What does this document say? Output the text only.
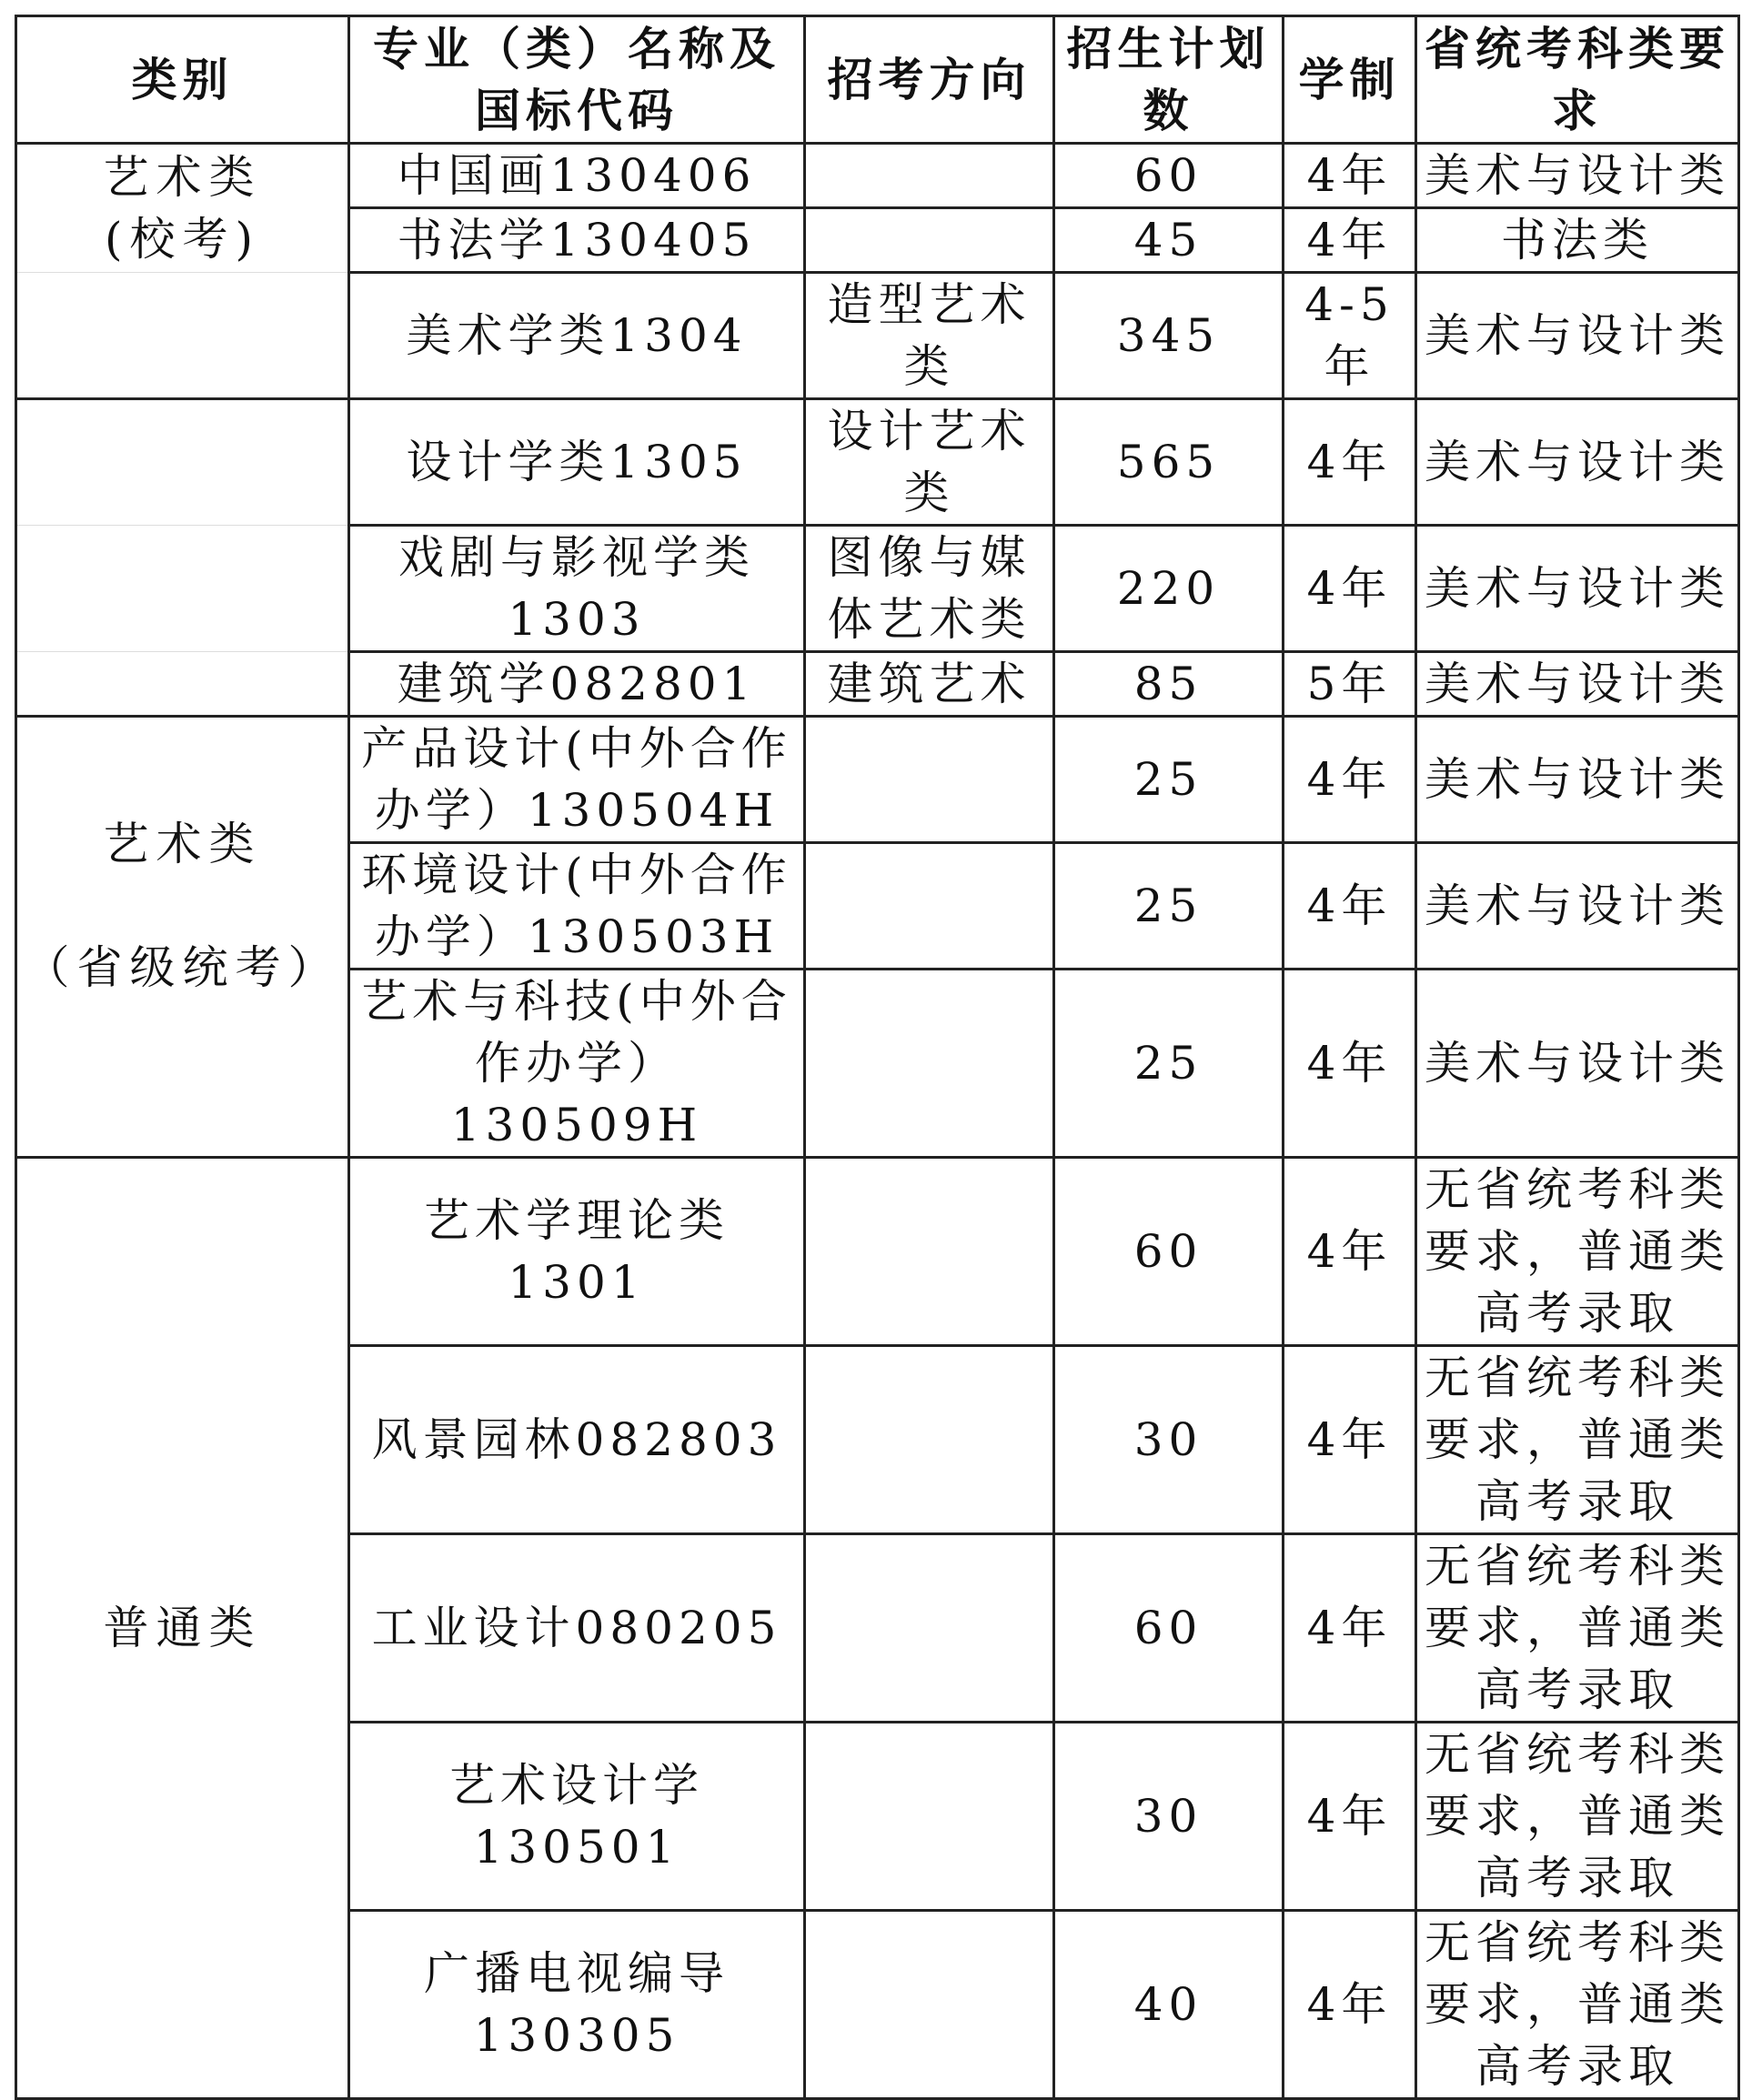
类别	专业（类）名称及国标代码	招考方向	招生计划数	学制	省统考科类要求

艺术类
(校考)	中国画130406		60	4年	美术与设计类
	书法学130405		45	4年	书法类
	美术学类1304	造型艺术类	345	4-5年	美术与设计类
	设计学类1305	设计艺术类	565	4年	美术与设计类
	戏剧与影视学类1303	图像与媒体艺术类	220	4年	美术与设计类
	建筑学082801	建筑艺术	85	5年	美术与设计类

艺术类
（省级统考）	产品设计(中外合作办学）130504H		25	4年	美术与设计类
	环境设计(中外合作办学）130503H		25	4年	美术与设计类
	艺术与科技(中外合作办学）130509H		25	4年	美术与设计类
普通类	艺术学理论类1301		60	4年	无省统考科类要求，普通类高考录取
	风景园林082803		30	4年	无省统考科类要求，普通类高考录取
	工业设计080205		60	4年	无省统考科类要求，普通类高考录取
	艺术设计学130501		30	4年	无省统考科类要求，普通类高考录取
	广播电视编导130305		40	4年	无省统考科类要求，普通类高考录取
